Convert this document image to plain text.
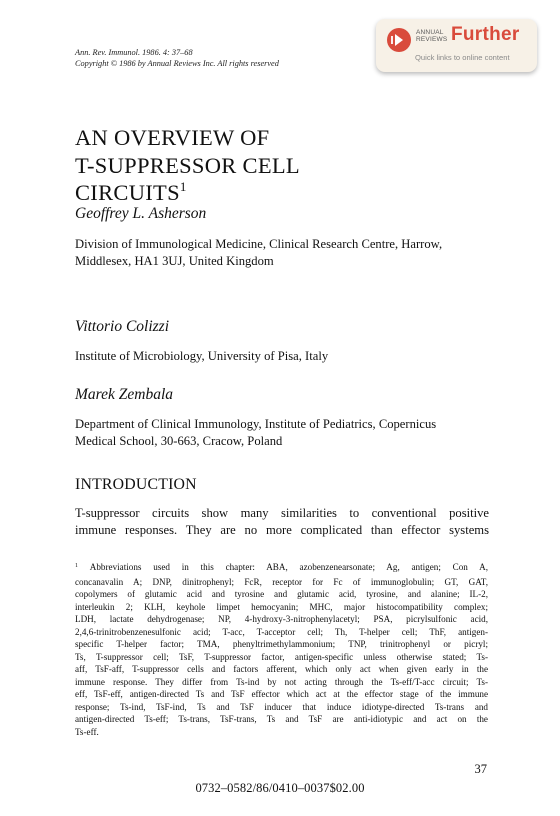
Ann. Rev. Immunol. 1986. 4: 37–68
Copyright © 1986 by Annual Reviews Inc. All rights reserved
ANNUAL
REVIEWS Further
Quick links to online content
AN OVERVIEW OF
T-SUPPRESSOR CELL
CIRCUITS$^1$
Geoffrey L. Asherson
Division of Immunological Medicine, Clinical Research Centre, Harrow,
Middlesex, HA1 3UJ, United Kingdom
Vittorio Colizzi
Institute of Microbiology, University of Pisa, Italy
Marek Zembala
Department of Clinical Immunology, Institute of Pediatrics, Copernicus
Medical School, 30-663, Cracow, Poland
INTRODUCTION
T-suppressor circuits show many similarities to conventional positive
immune responses. They are no more complicated than effector systems
$^1$ Abbreviations used in this chapter: ABA, azobenzenearsonate; Ag, antigen; Con A,
concanavalin A; DNP, dinitrophenyl; FcR, receptor for Fc of immunoglobulin; GT, GAT,
copolymers of glutamic acid and tyrosine and glutamic acid, tyrosine, and alanine; IL-2,
interleukin 2; KLH, keyhole limpet hemocyanin; MHC, major histocompatibility complex;
LDH, lactate dehydrogenase; NP, 4-hydroxy-3-nitrophenylacetyl; PSA, picrylsulfonic acid,
2,4,6-trinitrobenzenesulfonic acid; T-acc, T-acceptor cell; Th, T-helper cell; ThF, antigen-
specific T-helper factor; TMA, phenyltrimethylammonium; TNP, trinitrophenyl or picryl;
Ts, T-suppressor cell; TsF, T-suppressor factor, antigen-specific unless otherwise stated; Ts-
aff, TsF-aff, T-suppressor cells and factors afferent, which only act when given early in the
immune response. They differ from Ts-ind by not acting through the Ts-eff/T-acc circuit; Ts-
eff, TsF-eff, antigen-directed Ts and TsF effector which act at the effector stage of the immune
response; Ts-ind, TsF-ind, Ts and TsF inducer that induce idiotype-directed Ts-trans and
antigen-directed Ts-eff; Ts-trans, TsF-trans, Ts and TsF are anti-idiotypic and act on the
Ts-eff.
37
0732–0582/86/0410–0037$02.00
